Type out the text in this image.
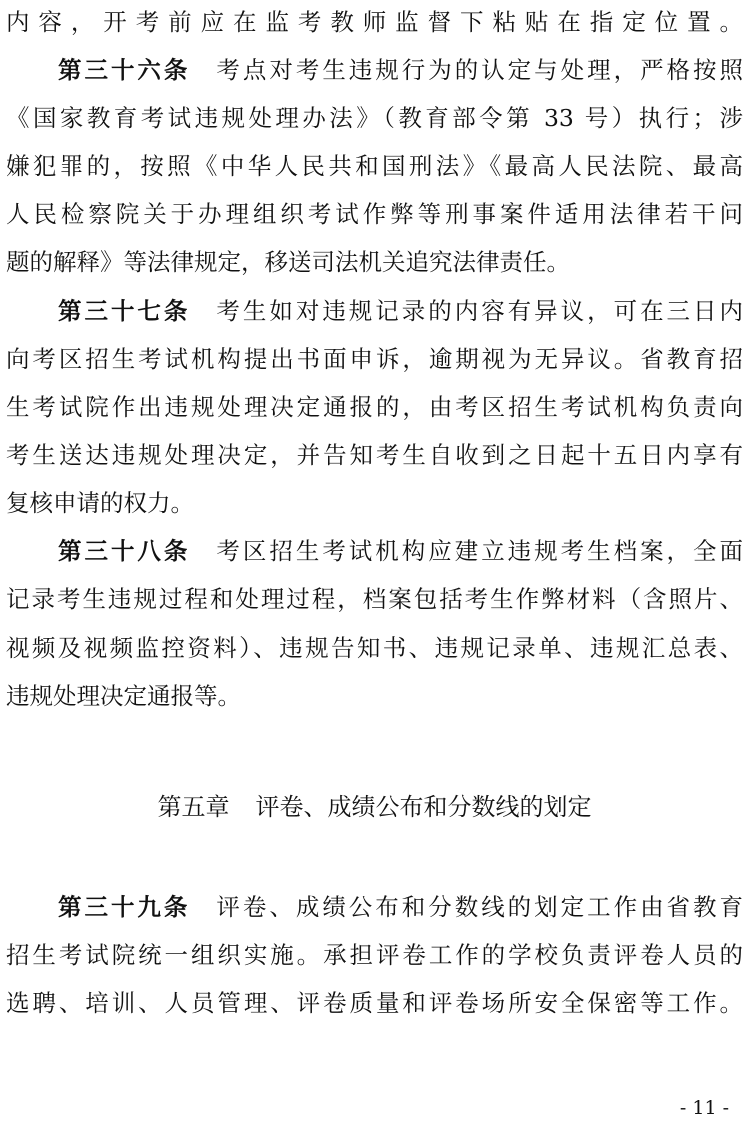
内容，开考前应在监考教师监督下粘贴在指定位置。
第三十六条 考点对考生违规行为的认定与处理，严格按照
《国家教育考试违规处理办法》（教育部令第 33 号）执行；涉
嫌犯罪的，按照《中华人民共和国刑法》《最高人民法院、最高
人民检察院关于办理组织考试作弊等刑事案件适用法律若干问
题的解释》等法律规定，移送司法机关追究法律责任。
第三十七条 考生如对违规记录的内容有异议，可在三日内
向考区招生考试机构提出书面申诉，逾期视为无异议。省教育招
生考试院作出违规处理决定通报的，由考区招生考试机构负责向
考生送达违规处理决定，并告知考生自收到之日起十五日内享有
复核申请的权力。
第三十八条 考区招生考试机构应建立违规考生档案，全面
记录考生违规过程和处理过程，档案包括考生作弊材料（含照片、
视频及视频监控资料）、违规告知书、违规记录单、违规汇总表、
违规处理决定通报等。
第五章 评卷、成绩公布和分数线的划定
第三十九条 评卷、成绩公布和分数线的划定工作由省教育
招生考试院统一组织实施。承担评卷工作的学校负责评卷人员的
选聘、培训、人员管理、评卷质量和评卷场所安全保密等工作。
- 11 -
